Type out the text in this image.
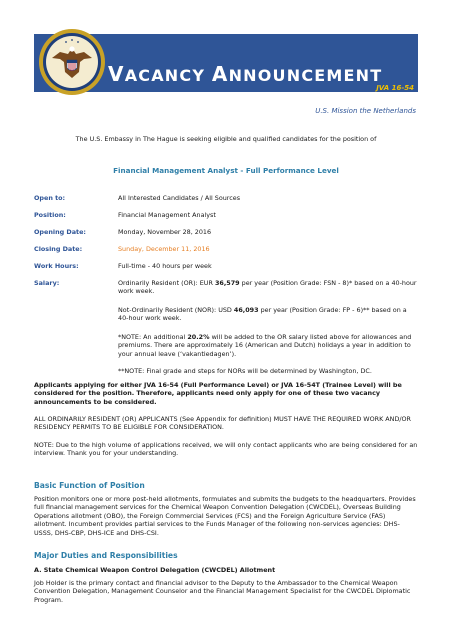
VACANCY ANNOUNCEMENT
JVA 16-54
U.S. Mission the Netherlands
The U.S. Embassy in The Hague is seeking eligible and qualified candidates for the position of
Financial Management Analyst - Full Performance Level
Open to:	All Interested Candidates / All Sources
Position:	Financial Management Analyst
Opening Date:	Monday, November 28, 2016
Closing Date:	Sunday, December 11, 2016
Work Hours:	Full-time - 40 hours per week
Salary:	Ordinarily Resident (OR): EUR 36,579 per year (Position Grade: FSN - 8)* based on a 40-hour work week.
Not-Ordinarily Resident (NOR): USD 46,093 per year (Position Grade: FP - 6)** based on a 40-hour work week.
*NOTE: An additional 20.2% will be added to the OR salary listed above for allowances and premiums. There are approximately 16 (American and Dutch) holidays a year in addition to your annual leave (‘vakantiedagen’).
**NOTE: Final grade and steps for NORs will be determined by Washington, DC.
Applicants applying for either JVA 16-54 (Full Performance Level) or JVA 16-54T (Trainee Level) will be considered for the position. Therefore, applicants need only apply for one of these two vacancy announcements to be considered.
ALL ORDINARILY RESIDENT (OR) APPLICANTS (See Appendix for definition) MUST HAVE THE REQUIRED WORK AND/OR RESIDENCY PERMITS TO BE ELIGIBLE FOR CONSIDERATION.
NOTE: Due to the high volume of applications received, we will only contact applicants who are being considered for an interview. Thank you for your understanding.
Basic Function of Position
Position monitors one or more post-held allotments, formulates and submits the budgets to the headquarters. Provides full financial management services for the Chemical Weapon Convention Delegation (CWCDEL), Overseas Building Operations allotment (OBO), the Foreign Commercial Services (FCS) and the Foreign Agriculture Service (FAS) allotment. Incumbent provides partial services to the Funds Manager of the following non-services agencies: DHS-USSS, DHS-CBP, DHS-ICE and DHS-CSI.
Major Duties and Responsibilities
A. State Chemical Weapon Control Delegation (CWCDEL) Allotment
Job Holder is the primary contact and financial advisor to the Deputy to the Ambassador to the Chemical Weapon Convention Delegation, Management Counselor and the Financial Management Specialist for the CWCDEL Diplomatic Program.
